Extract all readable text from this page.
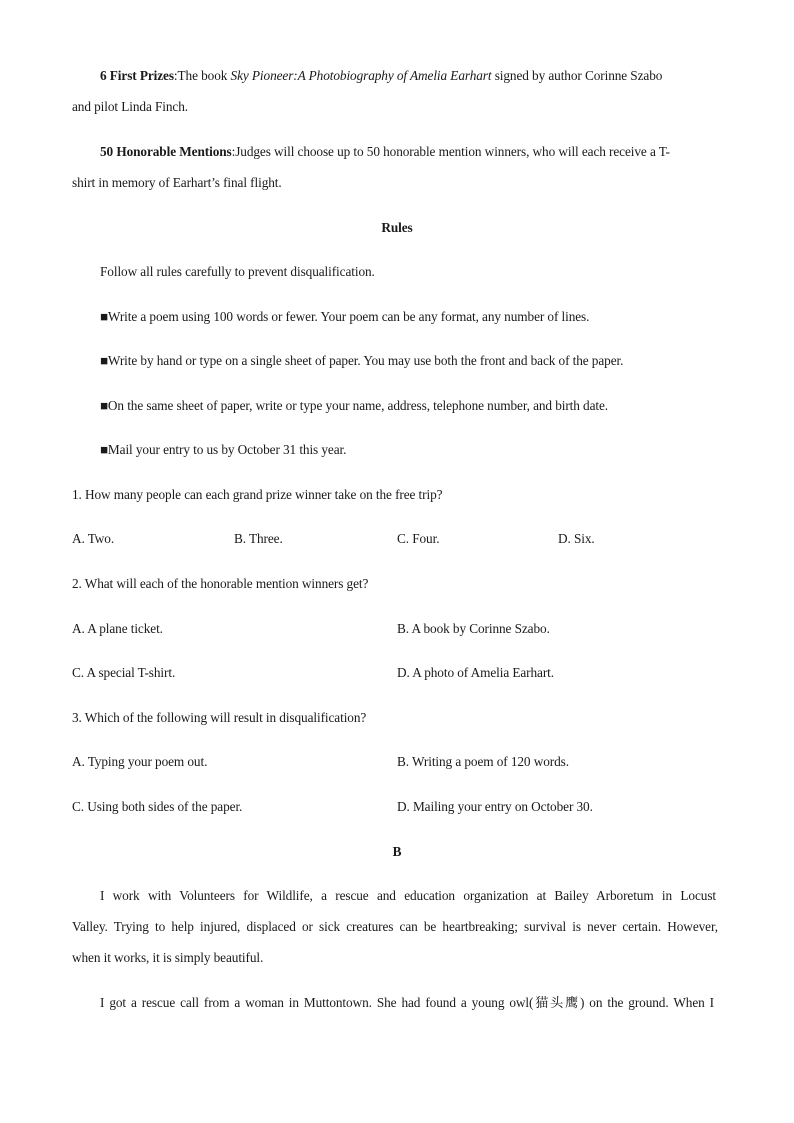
6 First Prizes:The book Sky Pioneer:A Photobiography of Amelia Earhart signed by author Corinne Szabo
and pilot Linda Finch.
50 Honorable Mentions:Judges will choose up to 50 honorable mention winners, who will each receive a T-
shirt in memory of Earhart’s final flight.
Rules
Follow all rules carefully to prevent disqualification.
■Write a poem using 100 words or fewer. Your poem can be any format, any number of lines.
■Write by hand or type on a single sheet of paper. You may use both the front and back of the paper.
■On the same sheet of paper, write or type your name, address, telephone number, and birth date.
■Mail your entry to us by October 31 this year.
1. How many people can each grand prize winner take on the free trip?
A. Two.	B. Three.	C. Four.	D. Six.
2. What will each of the honorable mention winners get?
A. A plane ticket.	B. A book by Corinne Szabo.
C. A special T-shirt.	D. A photo of Amelia Earhart.
3. Which of the following will result in disqualification?
A. Typing your poem out.	B. Writing a poem of 120 words.
C. Using both sides of the paper.	D. Mailing your entry on October 30.
B
I work with Volunteers for Wildlife, a rescue and education organization at Bailey Arboretum in Locust
Valley. Trying to help injured, displaced or sick creatures can be heartbreaking; survival is never certain. However,
when it works, it is simply beautiful.
I got a rescue call from a woman in Muttontown. She had found a young owl(猫头鹰) on the ground. When I
